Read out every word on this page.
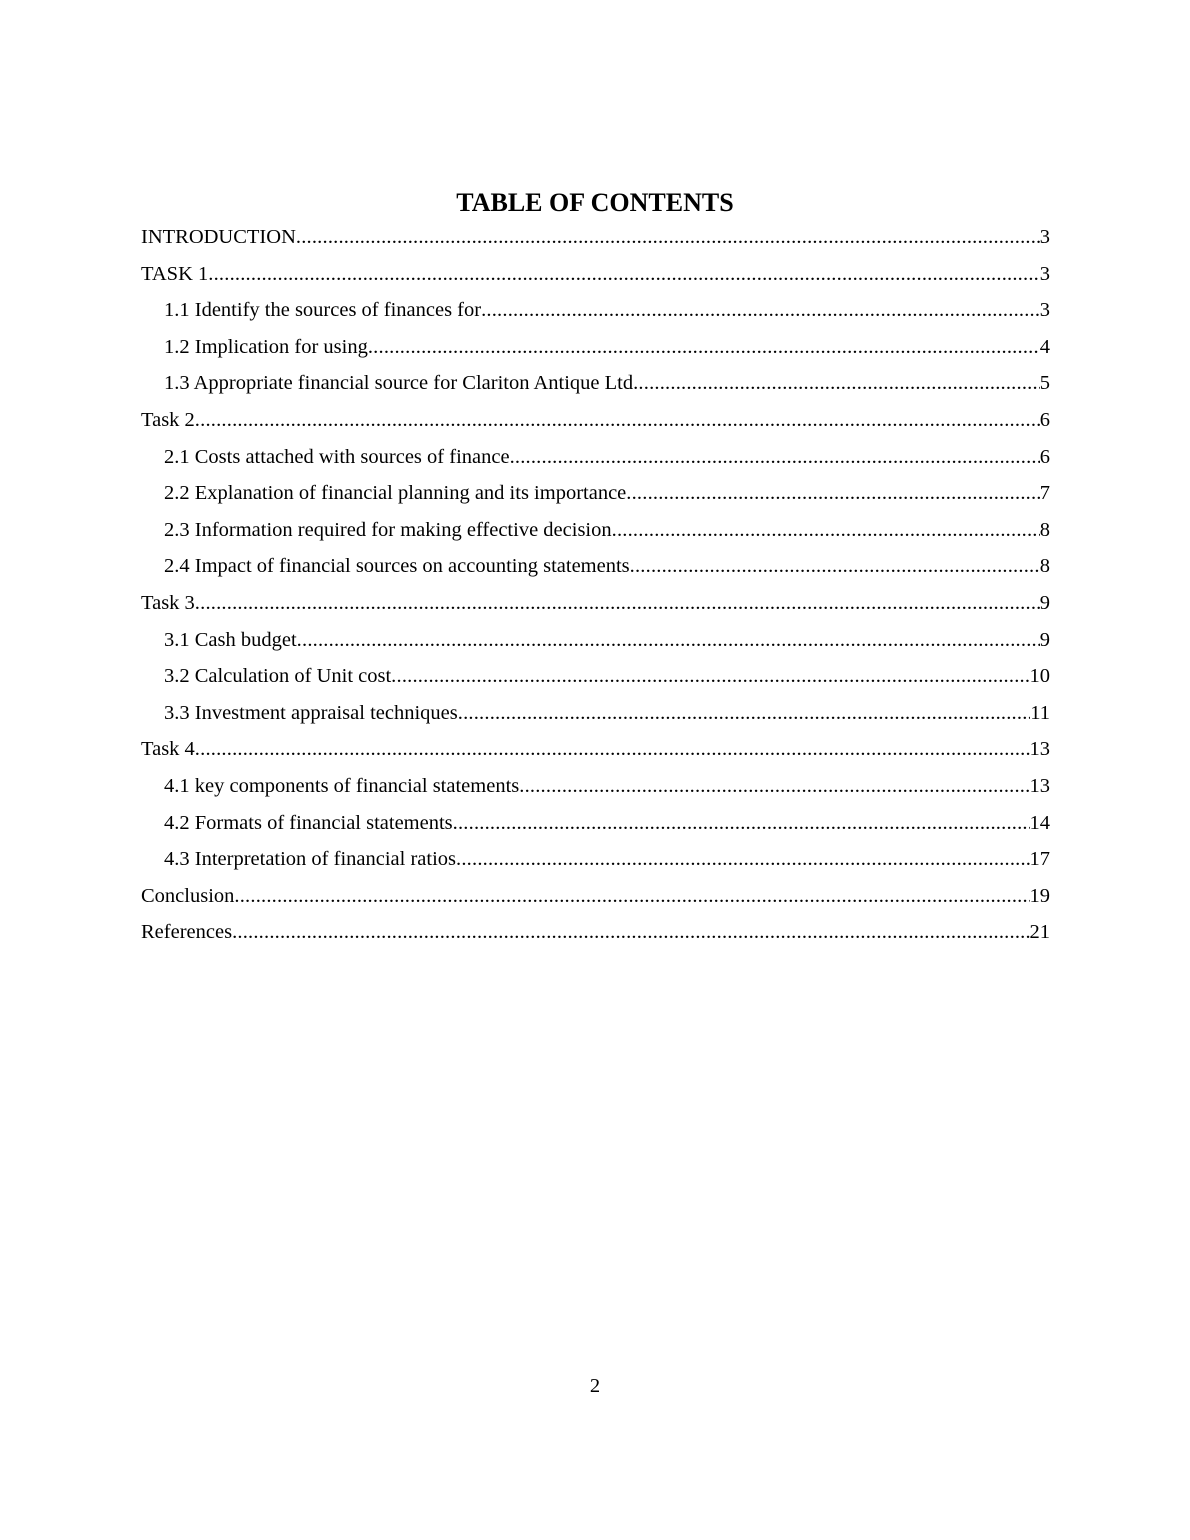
TABLE OF CONTENTS
INTRODUCTION .....	3
TASK 1 .....	3
1.1 Identify the sources of finances for .....	3
1.2 Implication for using .....	4
1.3 Appropriate financial source for Clariton Antique Ltd .....	5
Task 2 .....	6
2.1 Costs attached with sources of finance .....	6
2.2 Explanation of financial planning and its importance .....	7
2.3 Information required for making effective decision .....	8
2.4 Impact of financial sources on accounting statements .....	8
Task 3 .....	9
3.1 Cash budget .....	9
3.2 Calculation of Unit cost .....	10
3.3 Investment appraisal techniques .....	11
Task 4 .....	13
4.1 key components of financial statements .....	13
4.2 Formats of financial statements .....	14
4.3 Interpretation of financial ratios .....	17
Conclusion .....	19
References .....	21
2
